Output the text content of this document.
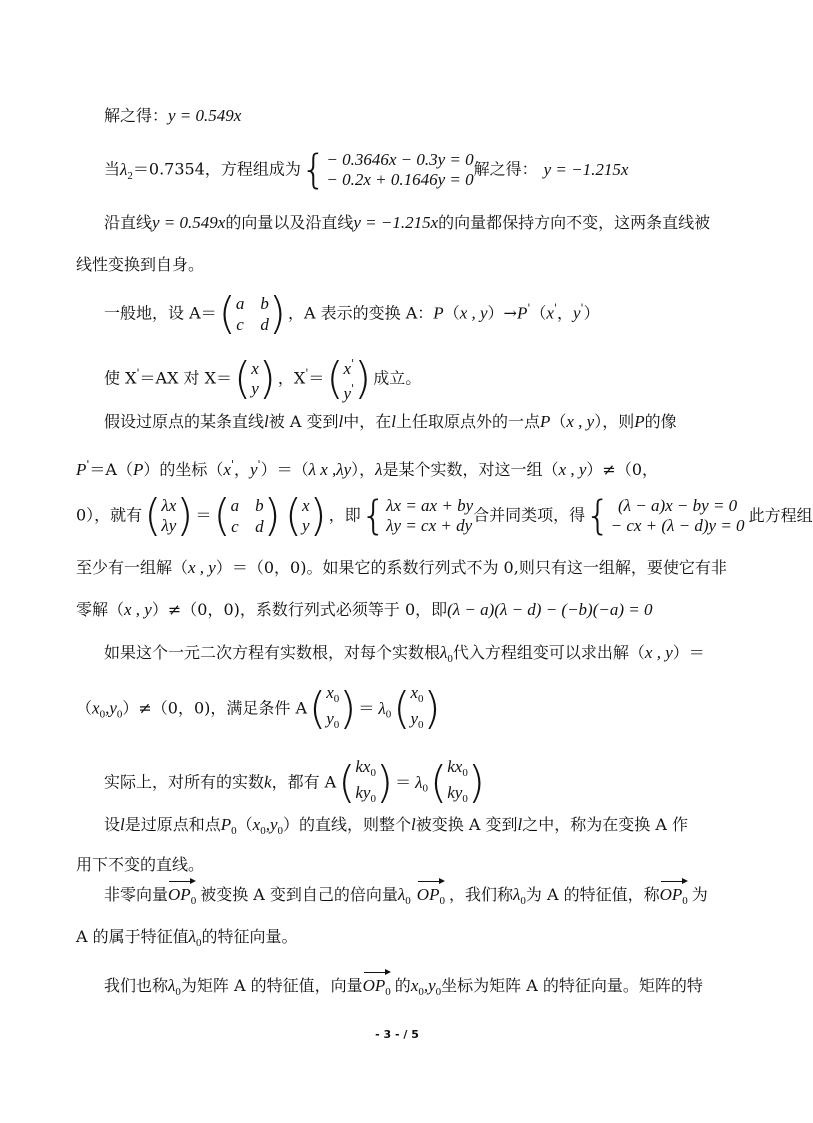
解之得：y = 0.549x
当$\lambda_2=0.7354$，方程组成为 { − 0.3646x − 0.3y = 0
− 0.2x + 0.1646y = 0
解之得： y = −1.215x
沿直线y = 0.549x的向量以及沿直线y = −1.215x的向量都保持方向不变，这两条直线被
线性变换到自身。
一般地，设 A＝ ( a b
c d ) ，A 表示的变换 A：P（x , y）→P'（x'，y'）
使 X'＝AX 对 X＝ ( x
y ) ，X'＝ ( x'
y' ) 成立。
假设过原点的某条直线l被 A 变到l中，在l上任取原点外的一点P（x , y），则P的像
P'＝A（P）的坐标（x'，y'）＝（λ x ,λy），λ是某个实数，对这一组（x , y）≠（0，
0），就有 ( λx
λy ) ＝ ( a b
c d ) ( x
y ) ，即 { λx = ax + by
λy = cx + dy
合并同类项，得 { (λ − a)x − by = 0
− cx + (λ − d)y = 0
此方程组
至少有一组解（x , y）＝（0，0)。如果它的系数行列式不为 0,则只有这一组解，要使它有非
零解（x , y）≠（0，0)，系数行列式必须等于 0，即(λ − a)(λ − d) − (−b)(−a) = 0
如果这个一元二次方程有实数根，对每个实数根$\lambda_0$代入方程组变可以求出解（x , y）＝
$(x_0,y_0)\ne(0$，0)，满足条件 A ( $x_0$
$y_0$ ) ＝ $\lambda_0$ ( $x_0$
$y_0$ )
实际上，对所有的实数k，都有 A ( $kx_0$
$ky_0$ ) ＝ $\lambda_0$ ( $kx_0$
$ky_0$ )
设l是过原点和点$P_0(x_0,y_0)$的直线，则整个l被变换 A 变到l之中，称为在变换 A 作
用下不变的直线。
非零向量$OP_0$ 被变换 A 变到自己的倍向量$\lambda_0$ $OP_0$ ，我们称$\lambda_0$为 A 的特征值，称$OP_0$ 为
A 的属于特征值$\lambda_0$的特征向量。
我们也称$\lambda_0$为矩阵 A 的特征值，向量$OP_0$ 的$x_0,y_0$坐标为矩阵 A 的特征向量。矩阵的特
- 3 - / 5
